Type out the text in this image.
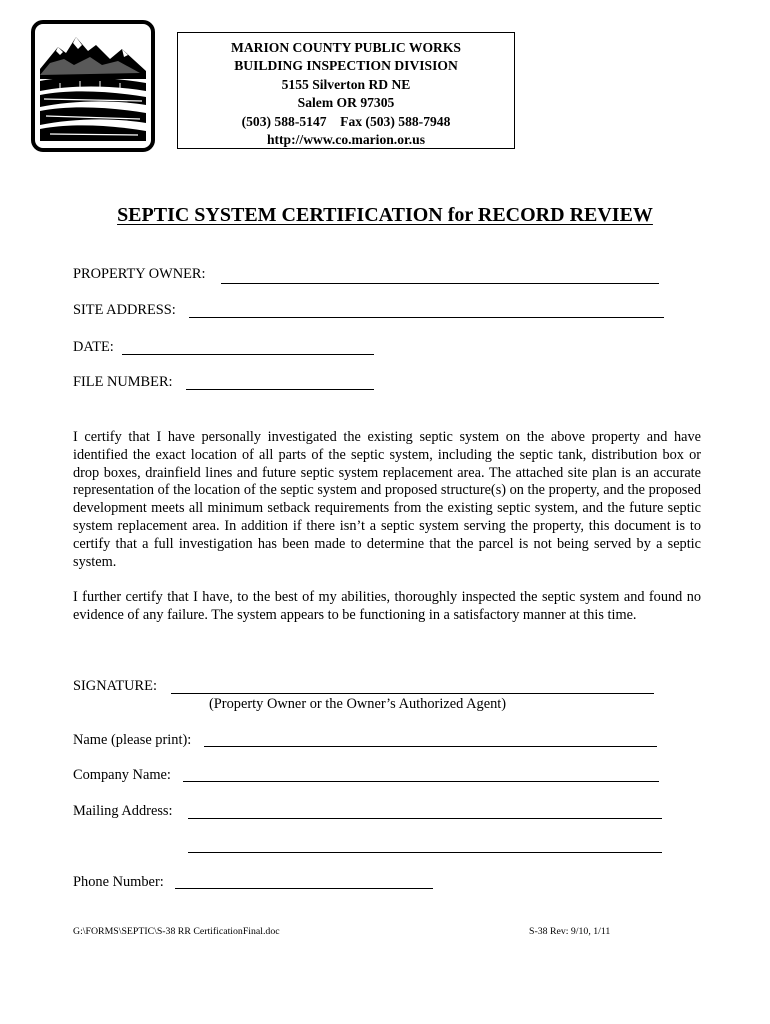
MARION COUNTY PUBLIC WORKS
BUILDING INSPECTION DIVISION
5155 Silverton RD NE
Salem OR 97305
(503) 588-5147    Fax (503) 588-7948
http://www.co.marion.or.us
SEPTIC SYSTEM CERTIFICATION for RECORD REVIEW
PROPERTY OWNER:
SITE ADDRESS:
DATE:
FILE NUMBER:
I certify that I have personally investigated the existing septic system on the above property and have identified the exact location of all parts of the septic system, including the septic tank, distribution box or drop boxes, drainfield lines and future septic system replacement area. The attached site plan is an accurate representation of the location of the septic system and proposed structure(s) on the property, and the proposed development meets all minimum setback requirements from the existing septic system, and the future septic system replacement area. In addition if there isn’t a septic system serving the property, this document is to certify that a full investigation has been made to determine that the parcel is not being served by a septic system.
I further certify that I have, to the best of my abilities, thoroughly inspected the septic system and found no evidence of any failure. The system appears to be functioning in a satisfactory manner at this time.
SIGNATURE:
(Property Owner or the Owner’s Authorized Agent)
Name (please print):
Company Name:
Mailing Address:
Phone Number:
G:\FORMS\SEPTIC\S-38 RR CertificationFinal.doc	S-38 Rev: 9/10, 1/11
